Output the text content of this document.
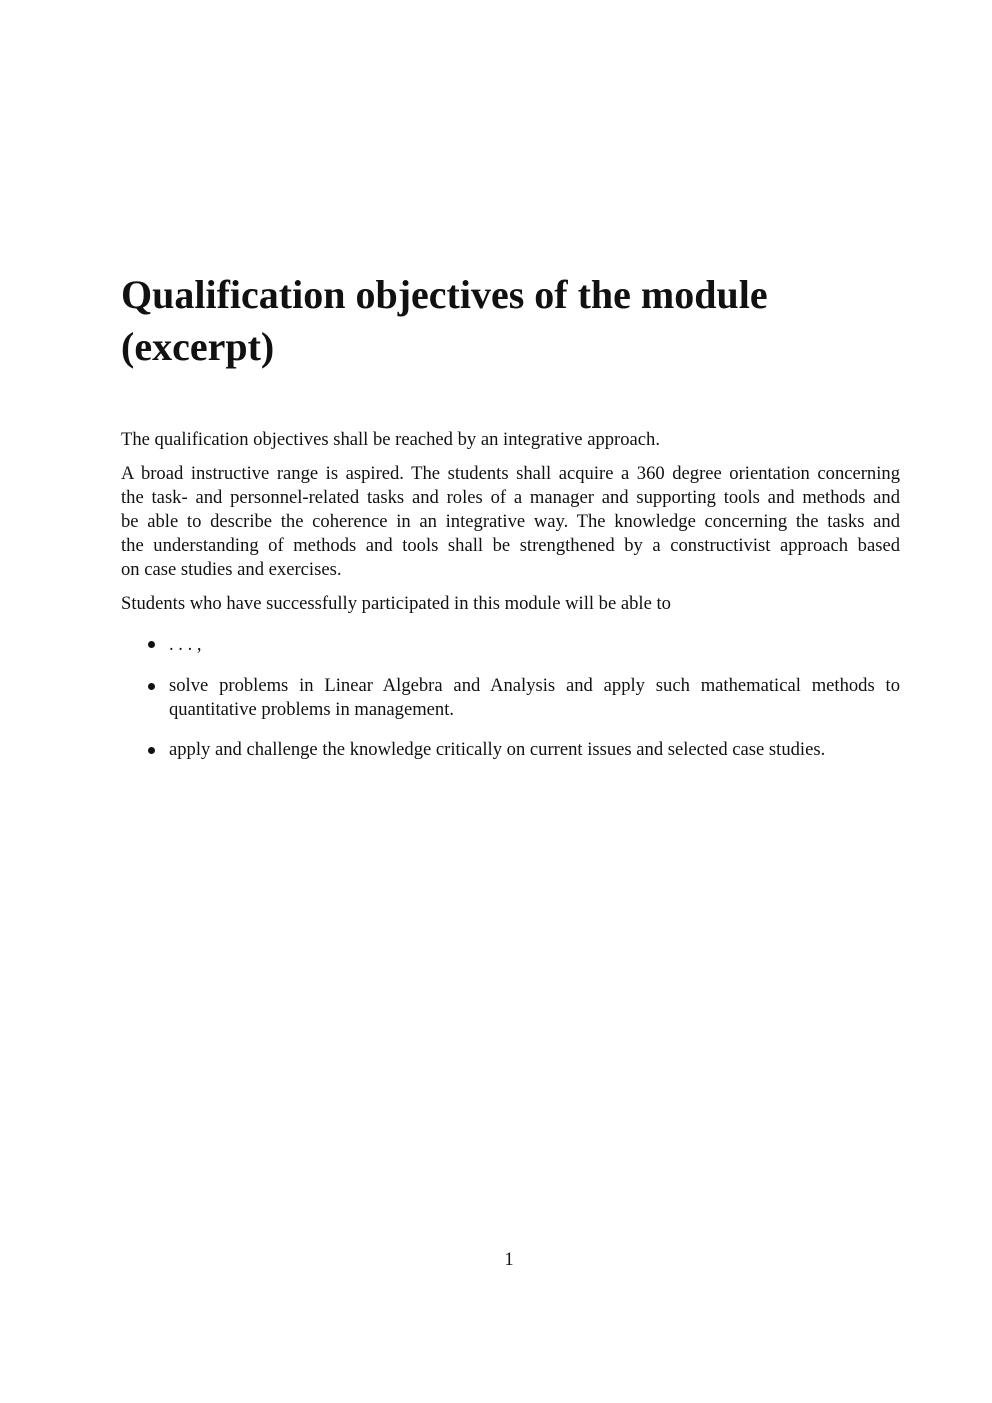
Qualification objectives of the module
(excerpt)
The qualification objectives shall be reached by an integrative approach.
A broad instructive range is aspired. The students shall acquire a 360 degree orientation concerning
the task- and personnel-related tasks and roles of a manager and supporting tools and methods and
be able to describe the coherence in an integrative way. The knowledge concerning the tasks and
the understanding of methods and tools shall be strengthened by a constructivist approach based
on case studies and exercises.
Students who have successfully participated in this module will be able to
. . . ,
solve problems in Linear Algebra and Analysis and apply such mathematical methods to
quantitative problems in management.
apply and challenge the knowledge critically on current issues and selected case studies.
1
